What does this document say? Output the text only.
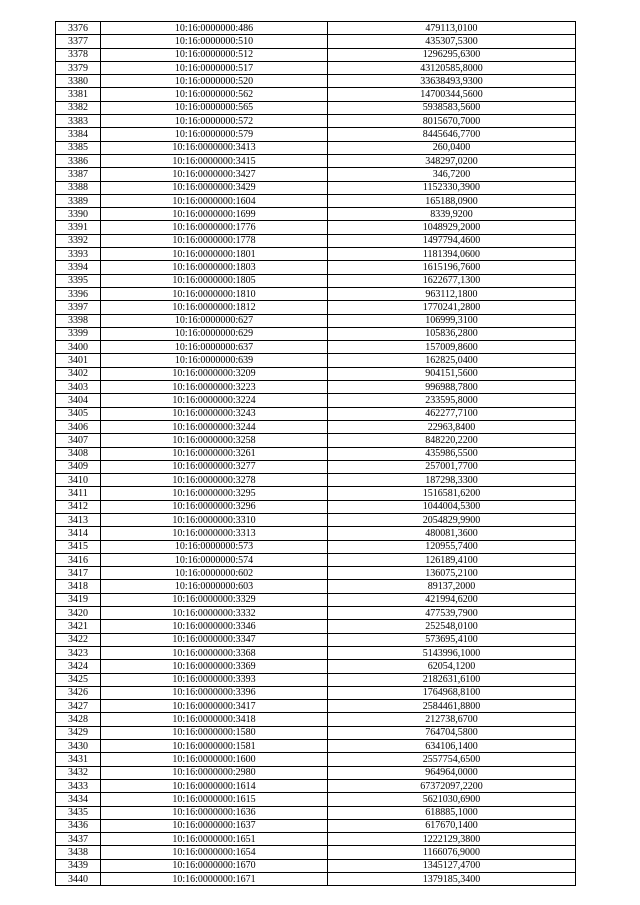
3376	10:16:0000000:486	479113,0100
3377	10:16:0000000:510	435307,5300
3378	10:16:0000000:512	1296295,6300
3379	10:16:0000000:517	43120585,8000
3380	10:16:0000000:520	33638493,9300
3381	10:16:0000000:562	14700344,5600
3382	10:16:0000000:565	5938583,5600
3383	10:16:0000000:572	8015670,7000
3384	10:16:0000000:579	8445646,7700
3385	10:16:0000000:3413	260,0400
3386	10:16:0000000:3415	348297,0200
3387	10:16:0000000:3427	346,7200
3388	10:16:0000000:3429	1152330,3900
3389	10:16:0000000:1604	165188,0900
3390	10:16:0000000:1699	8339,9200
3391	10:16:0000000:1776	1048929,2000
3392	10:16:0000000:1778	1497794,4600
3393	10:16:0000000:1801	1181394,0600
3394	10:16:0000000:1803	1615196,7600
3395	10:16:0000000:1805	1622677,1300
3396	10:16:0000000:1810	963112,1800
3397	10:16:0000000:1812	1770241,2800
3398	10:16:0000000:627	106999,3100
3399	10:16:0000000:629	105836,2800
3400	10:16:0000000:637	157009,8600
3401	10:16:0000000:639	162825,0400
3402	10:16:0000000:3209	904151,5600
3403	10:16:0000000:3223	996988,7800
3404	10:16:0000000:3224	233595,8000
3405	10:16:0000000:3243	462277,7100
3406	10:16:0000000:3244	22963,8400
3407	10:16:0000000:3258	848220,2200
3408	10:16:0000000:3261	435986,5500
3409	10:16:0000000:3277	257001,7700
3410	10:16:0000000:3278	187298,3300
3411	10:16:0000000:3295	1516581,6200
3412	10:16:0000000:3296	1044004,5300
3413	10:16:0000000:3310	2054829,9900
3414	10:16:0000000:3313	480081,3600
3415	10:16:0000000:573	120955,7400
3416	10:16:0000000:574	126189,4100
3417	10:16:0000000:602	136075,2100
3418	10:16:0000000:603	89137,2000
3419	10:16:0000000:3329	421994,6200
3420	10:16:0000000:3332	477539,7900
3421	10:16:0000000:3346	252548,0100
3422	10:16:0000000:3347	573695,4100
3423	10:16:0000000:3368	5143996,1000
3424	10:16:0000000:3369	62054,1200
3425	10:16:0000000:3393	2182631,6100
3426	10:16:0000000:3396	1764968,8100
3427	10:16:0000000:3417	2584461,8800
3428	10:16:0000000:3418	212738,6700
3429	10:16:0000000:1580	764704,5800
3430	10:16:0000000:1581	634106,1400
3431	10:16:0000000:1600	2557754,6500
3432	10:16:0000000:2980	964964,0000
3433	10:16:0000000:1614	67372097,2200
3434	10:16:0000000:1615	5621030,6900
3435	10:16:0000000:1636	618885,1000
3436	10:16:0000000:1637	617670,1400
3437	10:16:0000000:1651	1222129,3800
3438	10:16:0000000:1654	1166076,9000
3439	10:16:0000000:1670	1345127,4700
3440	10:16:0000000:1671	1379185,3400
